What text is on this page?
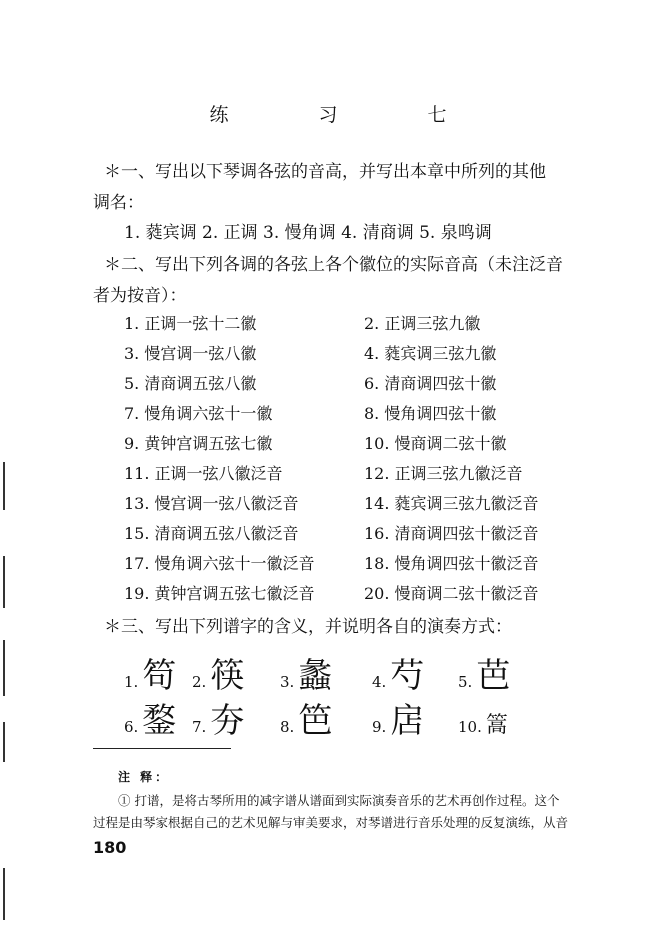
练 习 七
＊一、写出以下琴调各弦的音高，并写出本章中所列的其他
调名：
1. 蕤宾调 2. 正调 3. 慢角调 4. 清商调 5. 泉鸣调
＊二、写出下列各调的各弦上各个徽位的实际音高（未注泛音
者为按音）：
1. 正调一弦十二徽	2. 正调三弦九徽
3. 慢宫调一弦八徽	4. 蕤宾调三弦九徽
5. 清商调五弦八徽	6. 清商调四弦十徽
7. 慢角调六弦十一徽	8. 慢角调四弦十徽
9. 黄钟宫调五弦七徽	10. 慢商调二弦十徽
11. 正调一弦八徽泛音	12. 正调三弦九徽泛音
13. 慢宫调一弦八徽泛音	14. 蕤宾调三弦九徽泛音
15. 清商调五弦八徽泛音	16. 清商调四弦十徽泛音
17. 慢角调六弦十一徽泛音	18. 慢角调四弦十徽泛音
19. 黄钟宫调五弦七徽泛音	20. 慢商调二弦十徽泛音
＊三、写出下列谱字的含义，并说明各自的演奏方式：
1. 笱 2. 筷 3. 蠡	4. 芍 5. 芭
6. 鍪 7. 夯 8. 笆	9. 扂 10. 篙
注 释：
① 打谱，是将古琴所用的减字谱从谱面到实际演奏音乐的艺术再创作过程。这个
过程是由琴家根据自己的艺术见解与审美要求，对琴谱进行音乐处理的反复演练，从音
180
